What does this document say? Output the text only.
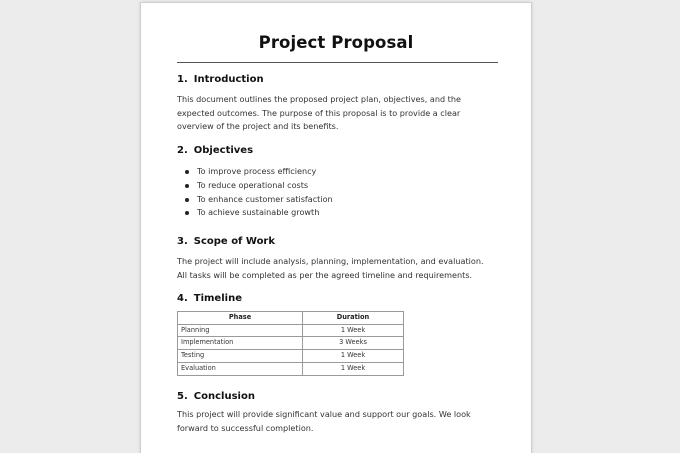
Project Proposal
1. Introduction
This document outlines the proposed project plan, objectives, and the
expected outcomes. The purpose of this proposal is to provide a clear
overview of the project and its benefits.
2. Objectives
To improve process efficiency
To reduce operational costs
To enhance customer satisfaction
To achieve sustainable growth
3. Scope of Work
The project will include analysis, planning, implementation, and evaluation.
All tasks will be completed as per the agreed timeline and requirements.
4. Timeline
Phase	Duration
Planning	1 Week
Implementation	3 Weeks
Testing	1 Week
Evaluation	1 Week
5. Conclusion
This project will provide significant value and support our goals. We look
forward to successful completion.
